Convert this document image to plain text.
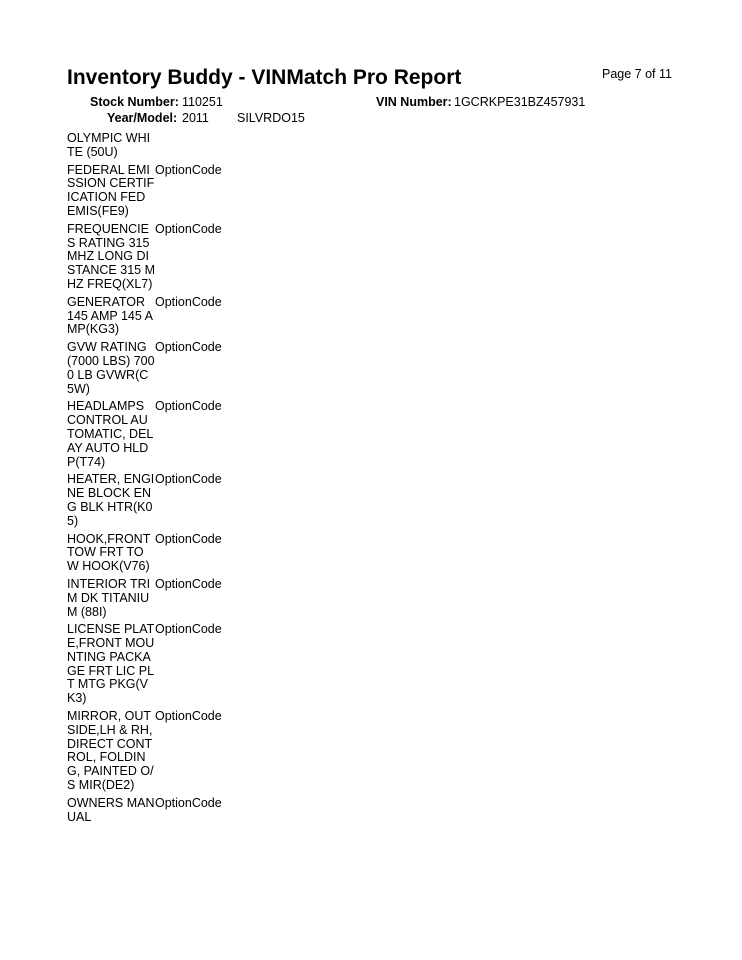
Inventory Buddy - VINMatch Pro Report	Page 7 of 11
Stock Number: 110251	VIN Number: 1GCRKPE31BZ457931
Year/Model: 2011 SILVRDO15
OLYMPIC WHITE (50U)
FEDERAL EMISSION CERTIFICATION FED EMIS(FE9)
OptionCode
FREQUENCIES RATING 315 MHZ LONG DISTANCE 315 MHZ FREQ(XL7)
OptionCode
GENERATOR 145 AMP 145 AMP(KG3)
OptionCode
GVW RATING(7000 LBS) 7000 LB GVWR(C5W)
OptionCode
HEADLAMPS CONTROL AUTOMATIC, DELAY AUTO HLDP(T74)
OptionCode
HEATER, ENGINE BLOCK ENG BLK HTR(K05)
OptionCode
HOOK,FRONT TOW FRT TOW HOOK(V76)
OptionCode
INTERIOR TRIM DK TITANIUM (88I)
OptionCode
LICENSE PLATE,FRONT MOUNTING PACKAGE FRT LIC PLT MTG PKG(VK3)
OptionCode
MIRROR, OUTSIDE,LH & RH,DIRECT CONTROL, FOLDING, PAINTED O/S MIR(DE2)
OptionCode
OWNERS MANUAL
OptionCode
